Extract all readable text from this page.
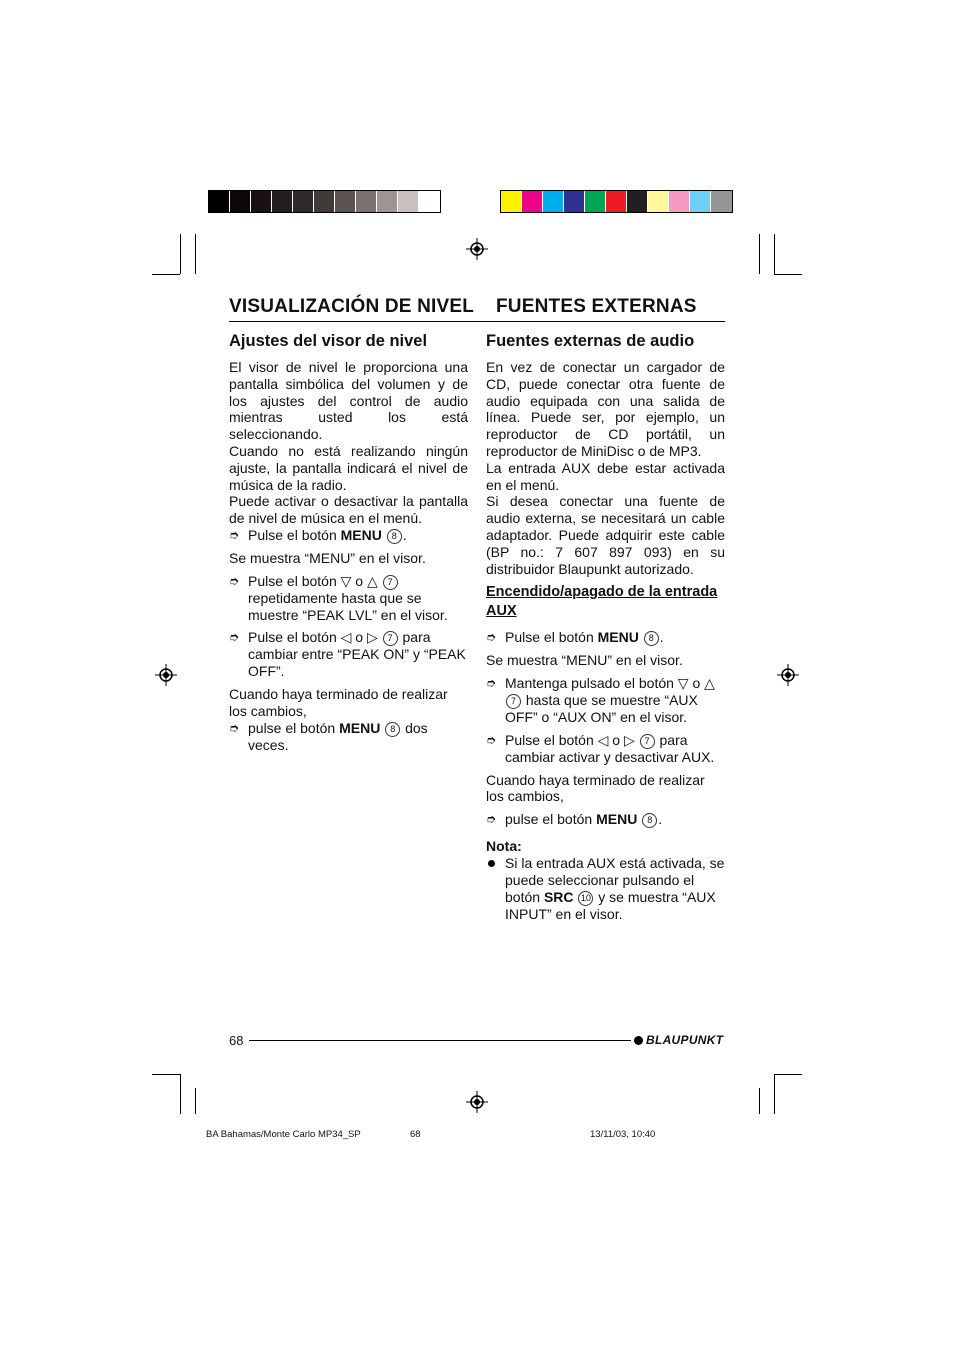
VISUALIZACIÓN DE NIVEL FUENTES EXTERNAS
Ajustes del visor de nivel

El visor de nivel le proporciona una pantalla simbólica del volumen y de los ajustes del control de audio mientras usted los está seleccionando.

Cuando no está realizando ningún ajuste, la pantalla indicará el nivel de música de la radio.

Puede activar o desactivar la pantalla de nivel de música en el menú.

➮ Pulse el botón MENU 8 .

Se muestra “MENU” en el visor.

➮ Pulse el botón ▽ o △ 7 repetidamente hasta que se muestre “PEAK LVL” en el visor.
➮ Pulse el botón ◁ o ▷ 7 para cambiar entre “PEAK ON” y “PEAK OFF”.

Cuando haya terminado de realizar los cambios,

➮ pulse el botón MENU 8 dos veces.
Fuentes externas de audio

En vez de conectar un cargador de CD, puede conectar otra fuente de audio equipada con una salida de línea. Puede ser, por ejemplo, un reproductor de CD portátil, un reproductor de MiniDisc o de MP3.

La entrada AUX debe estar activada en el menú.

Si desea conectar una fuente de audio externa, se necesitará un cable adaptador. Puede adquirir este cable (BP no.: 7 607 897 093) en su distribuidor Blaupunkt autorizado.

Encendido/apagado de la entrada AUX
➮ Pulse el botón MENU 8 .

Se muestra “MENU” en el visor.

➮ Mantenga pulsado el botón ▽ o △ 7 hasta que se muestre “AUX OFF” o “AUX ON” en el visor.
➮ Pulse el botón ◁ o ▷ 7 para cambiar activar y desactivar AUX.

Cuando haya terminado de realizar los cambios,

➮ pulse el botón MENU 8 .

Nota:

Si la entrada AUX está activada, se puede seleccionar pulsando el botón SRC 10 y se muestra “AUX INPUT” en el visor.
68	BLAUPUNKT
BA Bahamas/Monte Carlo MP34_SP	68	13/11/03, 10:40
